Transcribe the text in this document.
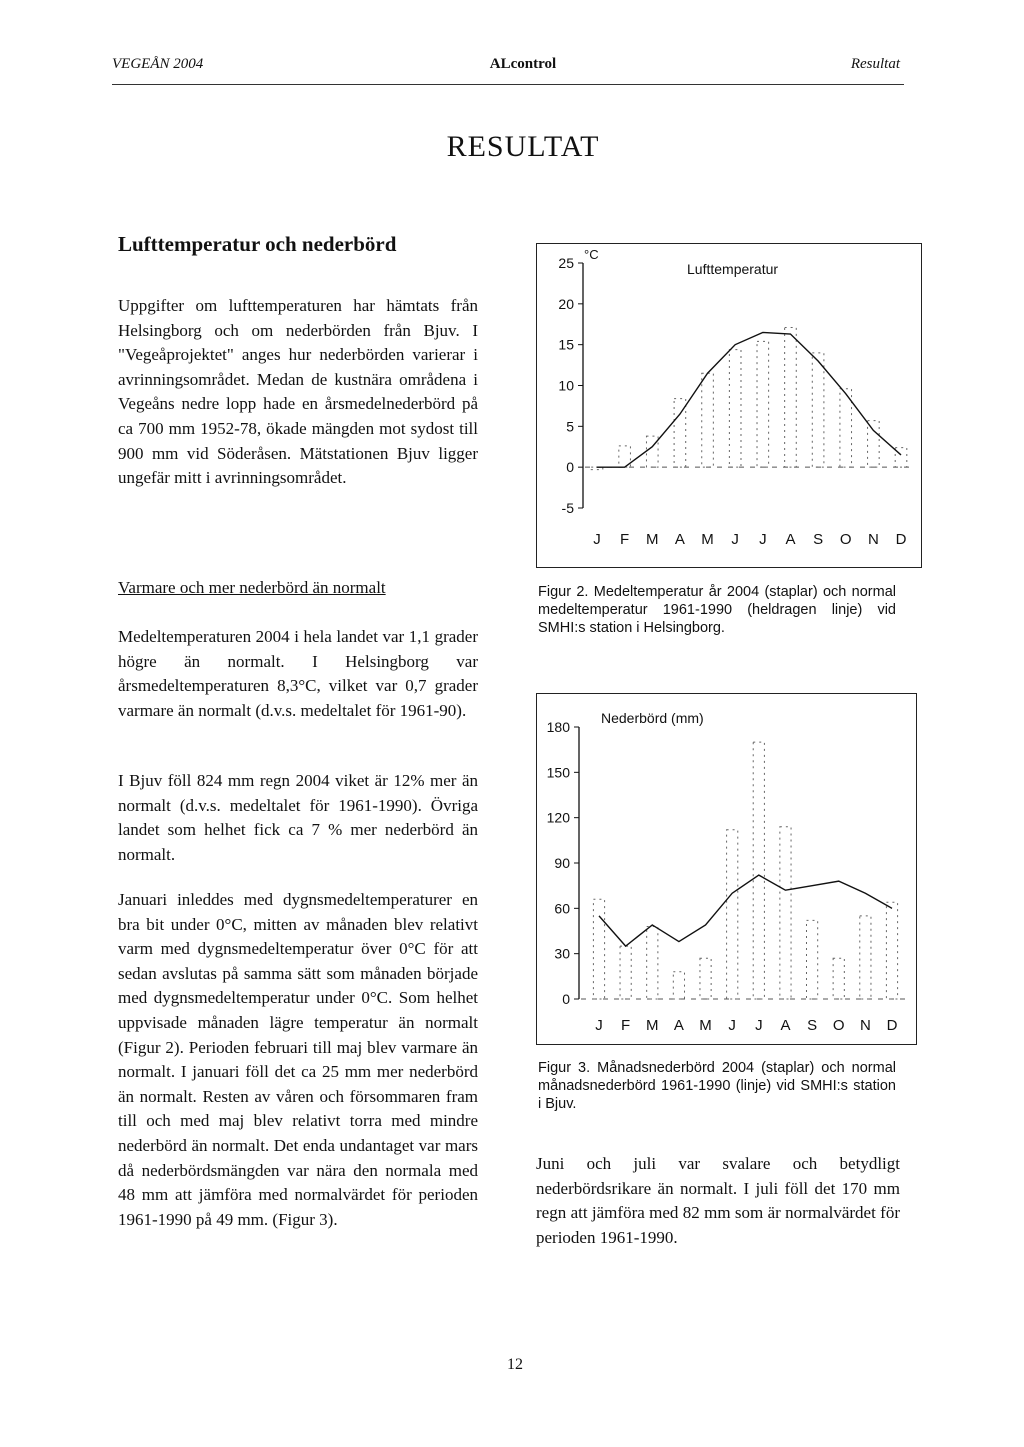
VEGEÅN 2004	ALcontrol	Resultat
RESULTAT
Lufttemperatur och nederbörd
Uppgifter om lufttemperaturen har hämtats från Helsingborg och om nederbörden från Bjuv. I "Vegeåprojektet" anges hur nederbörden varierar i avrinningsområdet. Medan de kustnära områdena i Vegeåns nedre lopp hade en årsmedelnederbörd på ca 700 mm 1952-78, ökade mängden mot sydost till 900 mm vid Söderåsen. Mätstationen Bjuv ligger ungefär mitt i avrinningsområdet.
Varmare och mer nederbörd än normalt
Medeltemperaturen 2004 i hela landet var 1,1 grader högre än normalt. I Helsingborg var årsmedeltemperaturen 8,3°C, vilket var 0,7 grader varmare än normalt (d.v.s. medeltalet för 1961-90).
I Bjuv föll 824 mm regn 2004 viket är 12% mer än normalt (d.v.s. medeltalet för 1961-1990). Övriga landet som helhet fick ca 7 % mer nederbörd än normalt.
Januari inleddes med dygnsmedeltemperaturer en bra bit under 0°C, mitten av månaden blev relativt varm med dygnsmedeltemperatur över 0°C för att sedan avslutas på samma sätt som månaden började med dygnsmedeltemperatur under 0°C. Som helhet uppvisade månaden lägre temperatur än normalt (Figur 2). Perioden februari till maj blev varmare än normalt. I januari föll det ca 25 mm mer nederbörd än normalt. Resten av våren och försommaren fram till och med maj blev relativt torra med mindre nederbörd än normalt. Det enda undantaget var mars då nederbördsmängden var nära den normala med 48 mm att jämföra med normalvärdet för perioden 1961-1990 på 49 mm. (Figur 3).
Lufttemperatur
°C
25
20
15
10
5
0
-5
J F M A M J J A S O N D
Figur 2. Medeltemperatur år 2004 (staplar) och normal medeltemperatur 1961-1990 (heldragen linje) vid SMHI:s station i Helsingborg.
Nederbörd (mm)
180
150
120
90
60
30
0
J F M A M J J A S O N D
Figur 3. Månadsnederbörd 2004 (staplar) och normal månadsnederbörd 1961-1990 (linje) vid SMHI:s station i Bjuv.
Juni och juli var svalare och betydligt nederbördsrikare än normalt. I juli föll det 170 mm regn att jämföra med 82 mm som är normalvärdet för perioden 1961-1990.
12
